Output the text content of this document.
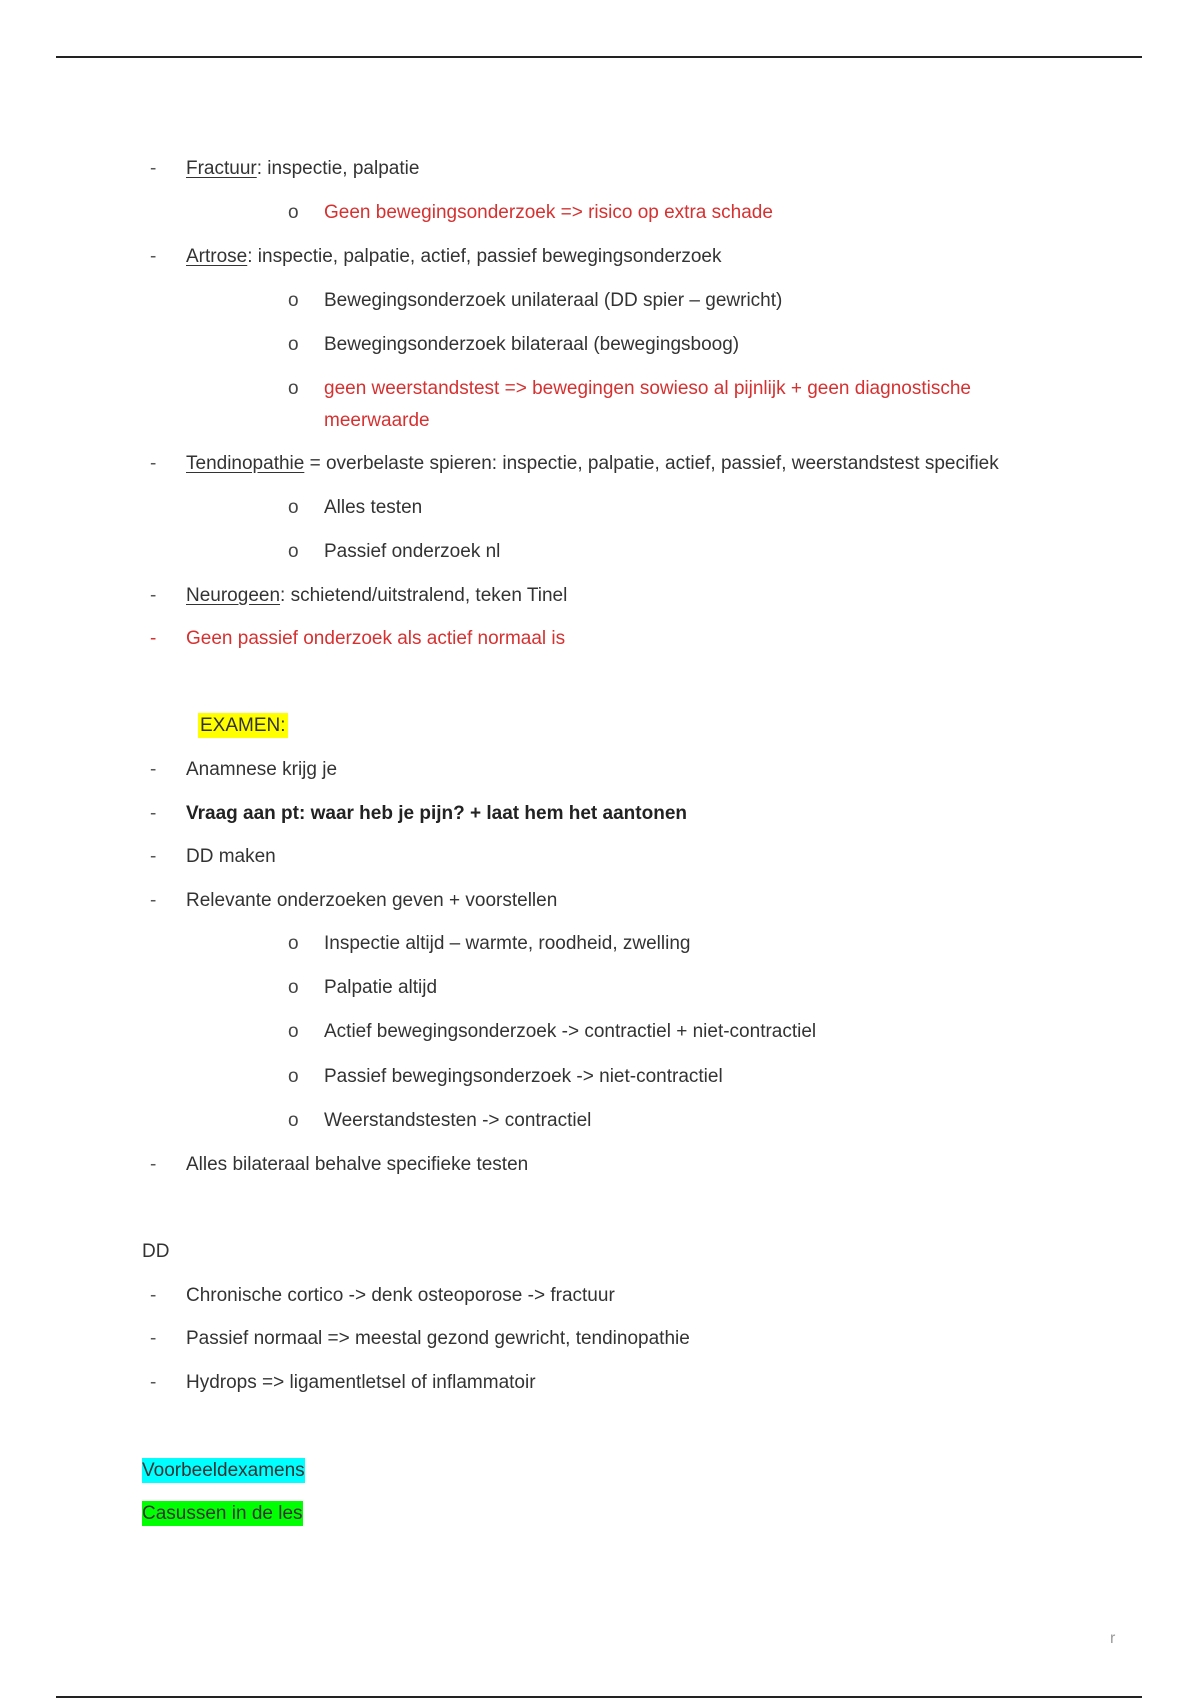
- Fractuur: inspectie, palpatie
o Geen bewegingsonderzoek => risico op extra schade
- Artrose: inspectie, palpatie, actief, passief bewegingsonderzoek
o Bewegingsonderzoek unilateraal (DD spier – gewricht)
o Bewegingsonderzoek bilateraal (bewegingsboog)
o geen weerstandstest => bewegingen sowieso al pijnlijk + geen diagnostische
meerwaarde
- Tendinopathie = overbelaste spieren: inspectie, palpatie, actief, passief, weerstandstest specifiek
o Alles testen
o Passief onderzoek nl
- Neurogeen: schietend/uitstralend, teken Tinel
- Geen passief onderzoek als actief normaal is
EXAMEN:
- Anamnese krijg je
- Vraag aan pt: waar heb je pijn? + laat hem het aantonen
- DD maken
- Relevante onderzoeken geven + voorstellen
o Inspectie altijd – warmte, roodheid, zwelling
o Palpatie altijd
o Actief bewegingsonderzoek -> contractiel + niet-contractiel
o Passief bewegingsonderzoek -> niet-contractiel
o Weerstandstesten -> contractiel
- Alles bilateraal behalve specifieke testen
DD
- Chronische cortico -> denk osteoporose -> fractuur
- Passief normaal => meestal gezond gewricht, tendinopathie
- Hydrops => ligamentletsel of inflammatoir
Voorbeeldexamens
Casussen in de les
r
